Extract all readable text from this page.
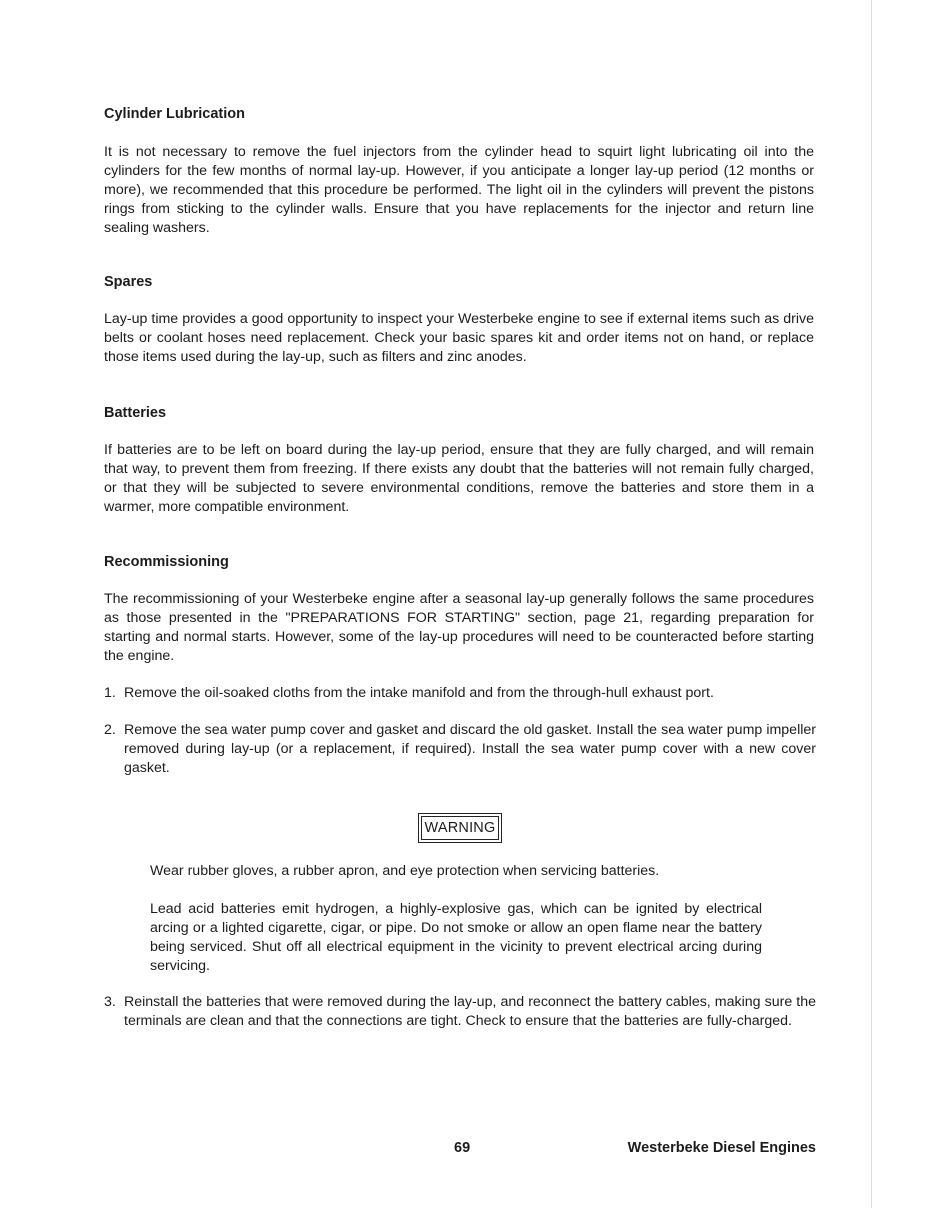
Cylinder Lubrication

It is not necessary to remove the fuel injectors from the cylinder head to squirt light lubricating oil into the cylinders for the few months of normal lay-up. However, if you anticipate a longer lay-up period (12 months or more), we recommended that this procedure be performed. The light oil in the cylinders will prevent the pistons rings from sticking to the cylinder walls. Ensure that you have replacements for the injector and return line sealing washers.

Spares

Lay-up time provides a good opportunity to inspect your Westerbeke engine to see if external items such as drive belts or coolant hoses need replacement. Check your basic spares kit and order items not on hand, or replace those items used during the lay-up, such as filters and zinc anodes.

Batteries

If batteries are to be left on board during the lay-up period, ensure that they are fully charged, and will remain that way, to prevent them from freezing. If there exists any doubt that the batteries will not remain fully charged, or that they will be subjected to severe environmental conditions, remove the batteries and store them in a warmer, more compatible environment.

Recommissioning

The recommissioning of your Westerbeke engine after a seasonal lay-up generally follows the same procedures as those presented in the "PREPARATIONS FOR STARTING" section, page 21, regarding preparation for starting and normal starts. However, some of the lay-up procedures will need to be counteracted before starting the engine.

1. Remove the oil-soaked cloths from the intake manifold and from the through-hull exhaust port.
2. Remove the sea water pump cover and gasket and discard the old gasket. Install the sea water pump impeller removed during lay-up (or a replacement, if required). Install the sea water pump cover with a new cover gasket.
WARNING

Wear rubber gloves, a rubber apron, and eye protection when servicing batteries.

Lead acid batteries emit hydrogen, a highly-explosive gas, which can be ignited by electrical arcing or a lighted cigarette, cigar, or pipe. Do not smoke or allow an open flame near the battery being serviced. Shut off all electrical equipment in the vicinity to prevent electrical arcing during servicing.

3. Reinstall the batteries that were removed during the lay-up, and reconnect the battery cables, making sure the terminals are clean and that the connections are tight. Check to ensure that the batteries are fully-charged.
69	Westerbeke Diesel Engines
